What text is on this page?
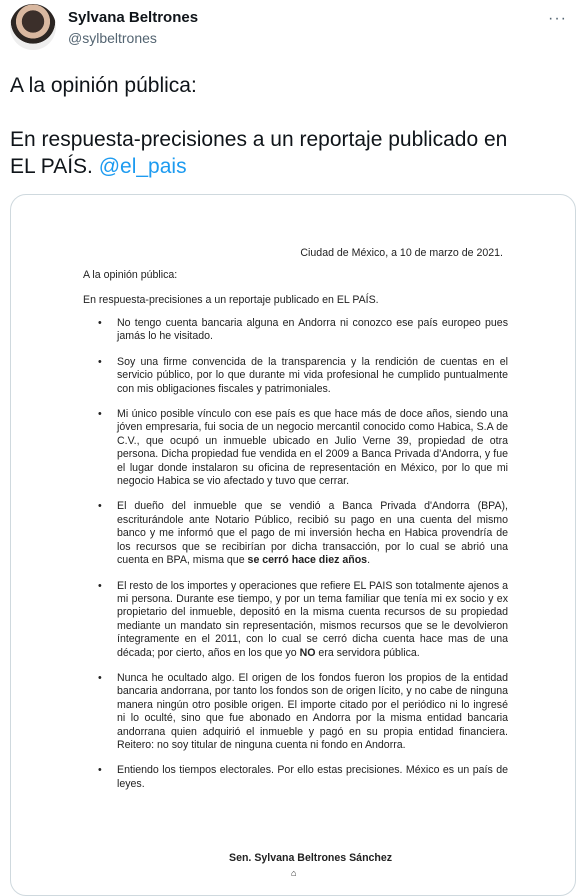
Sylvana Beltrones
@sylbeltrones
···

A la opinión pública:

En respuesta-precisiones a un reportaje publicado en

EL PAÍS. @el_pais

Ciudad de México, a 10 de marzo de 2021.
A la opinión pública:
En respuesta-precisiones a un reportaje publicado en EL PAÍS.
• No tengo cuenta bancaria alguna en Andorra ni conozco ese país europeo pues jamás lo he visitado.
• Soy una firme convencida de la transparencia y la rendición de cuentas en el servicio público, por lo que durante mi vida profesional he cumplido puntualmente con mis obligaciones fiscales y patrimoniales.
• Mi único posible vínculo con ese país es que hace más de doce años, siendo una jóven empresaria, fui socia de un negocio mercantil conocido como Habica, S.A de C.V., que ocupó un inmueble ubicado en Julio Verne 39, propiedad de otra persona. Dicha propiedad fue vendida en el 2009 a Banca Privada d'Andorra, y fue el lugar donde instalaron su oficina de representación en México, por lo que mi negocio Habica se vio afectado y tuvo que cerrar.
• El dueño del inmueble que se vendió a Banca Privada d'Andorra (BPA), escriturándole ante Notario Público, recibió su pago en una cuenta del mismo banco y me informó que el pago de mi inversión hecha en Habica provendría de los recursos que se recibirían por dicha transacción, por lo cual se abrió una cuenta en BPA, misma que se cerró hace diez años.
• El resto de los importes y operaciones que refiere EL PAIS son totalmente ajenos a mi persona. Durante ese tiempo, y por un tema familiar que tenía mi ex socio y ex propietario del inmueble, depositó en la misma cuenta recursos de su propiedad mediante un mandato sin representación, mismos recursos que se le devolvieron íntegramente en el 2011, con lo cual se cerró dicha cuenta hace mas de una década; por cierto, años en los que yo NO era servidora pública.
• Nunca he ocultado algo. El origen de los fondos fueron los propios de la entidad bancaria andorrana, por tanto los fondos son de origen lícito, y no cabe de ninguna manera ningún otro posible origen. El importe citado por el periódico ni lo ingresé ni lo oculté, sino que fue abonado en Andorra por la misma entidad bancaria andorrana quien adquirió el inmueble y pagó en su propia entidad financiera. Reitero: no soy titular de ninguna cuenta ni fondo en Andorra.
• Entiendo los tiempos electorales. Por ello estas precisiones. México es un país de leyes.
Sen. Sylvana Beltrones Sánchez
⌂
